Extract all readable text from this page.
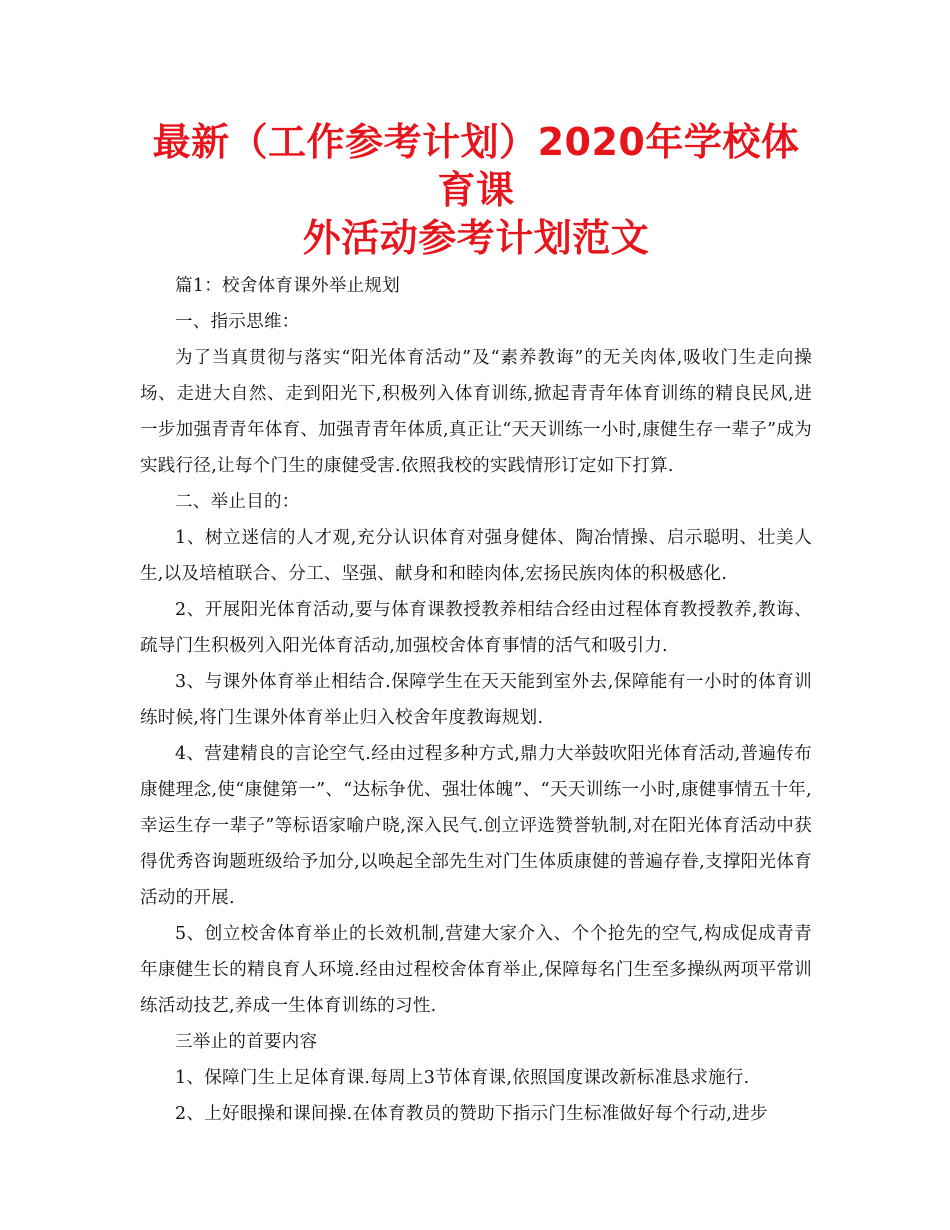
最新（工作参考计划）2020年学校体育课
外活动参考计划范文

篇1：校舍体育课外举止规划

一、指示思维：

为了当真贯彻与落实“阳光体育活动”及“素养教诲”的无关肉体,吸收门生走向操场、走进大自然、走到阳光下,积极列入体育训练,掀起青青年体育训练的精良民风,进一步加强青青年体育、加强青青年体质,真正让“天天训练一小时,康健生存一辈子”成为实践行径,让每个门生的康健受害.依照我校的实践情形订定如下打算.

二、举止目的：

1、树立迷信的人才观,充分认识体育对强身健体、陶冶情操、启示聪明、壮美人生,以及培植联合、分工、坚强、献身和和睦肉体,宏扬民族肉体的积极感化.

2、开展阳光体育活动,要与体育课教授教养相结合经由过程体育教授教养,教诲、疏导门生积极列入阳光体育活动,加强校舍体育事情的活气和吸引力.

3、与课外体育举止相结合.保障学生在天天能到室外去,保障能有一小时的体育训练时候,将门生课外体育举止归入校舍年度教诲规划.

4、营建精良的言论空气.经由过程多种方式,鼎力大举鼓吹阳光体育活动,普遍传布康健理念,使“康健第一”、“达标争优、强壮体魄”、“天天训练一小时,康健事情五十年,幸运生存一辈子”等标语家喻户晓,深入民气.创立评选赞誉轨制,对在阳光体育活动中获得优秀咨询题班级给予加分,以唤起全部先生对门生体质康健的普遍存眷,支撑阳光体育活动的开展.

5、创立校舍体育举止的长效机制,营建大家介入、个个抢先的空气,构成促成青青年康健生长的精良育人环境.经由过程校舍体育举止,保障每名门生至多操纵两项平常训练活动技艺,养成一生体育训练的习性.

三举止的首要内容

1、保障门生上足体育课.每周上3节体育课,依照国度课改新标准恳求施行.

2、上好眼操和课间操.在体育教员的赞助下指示门生标准做好每个行动,进步
